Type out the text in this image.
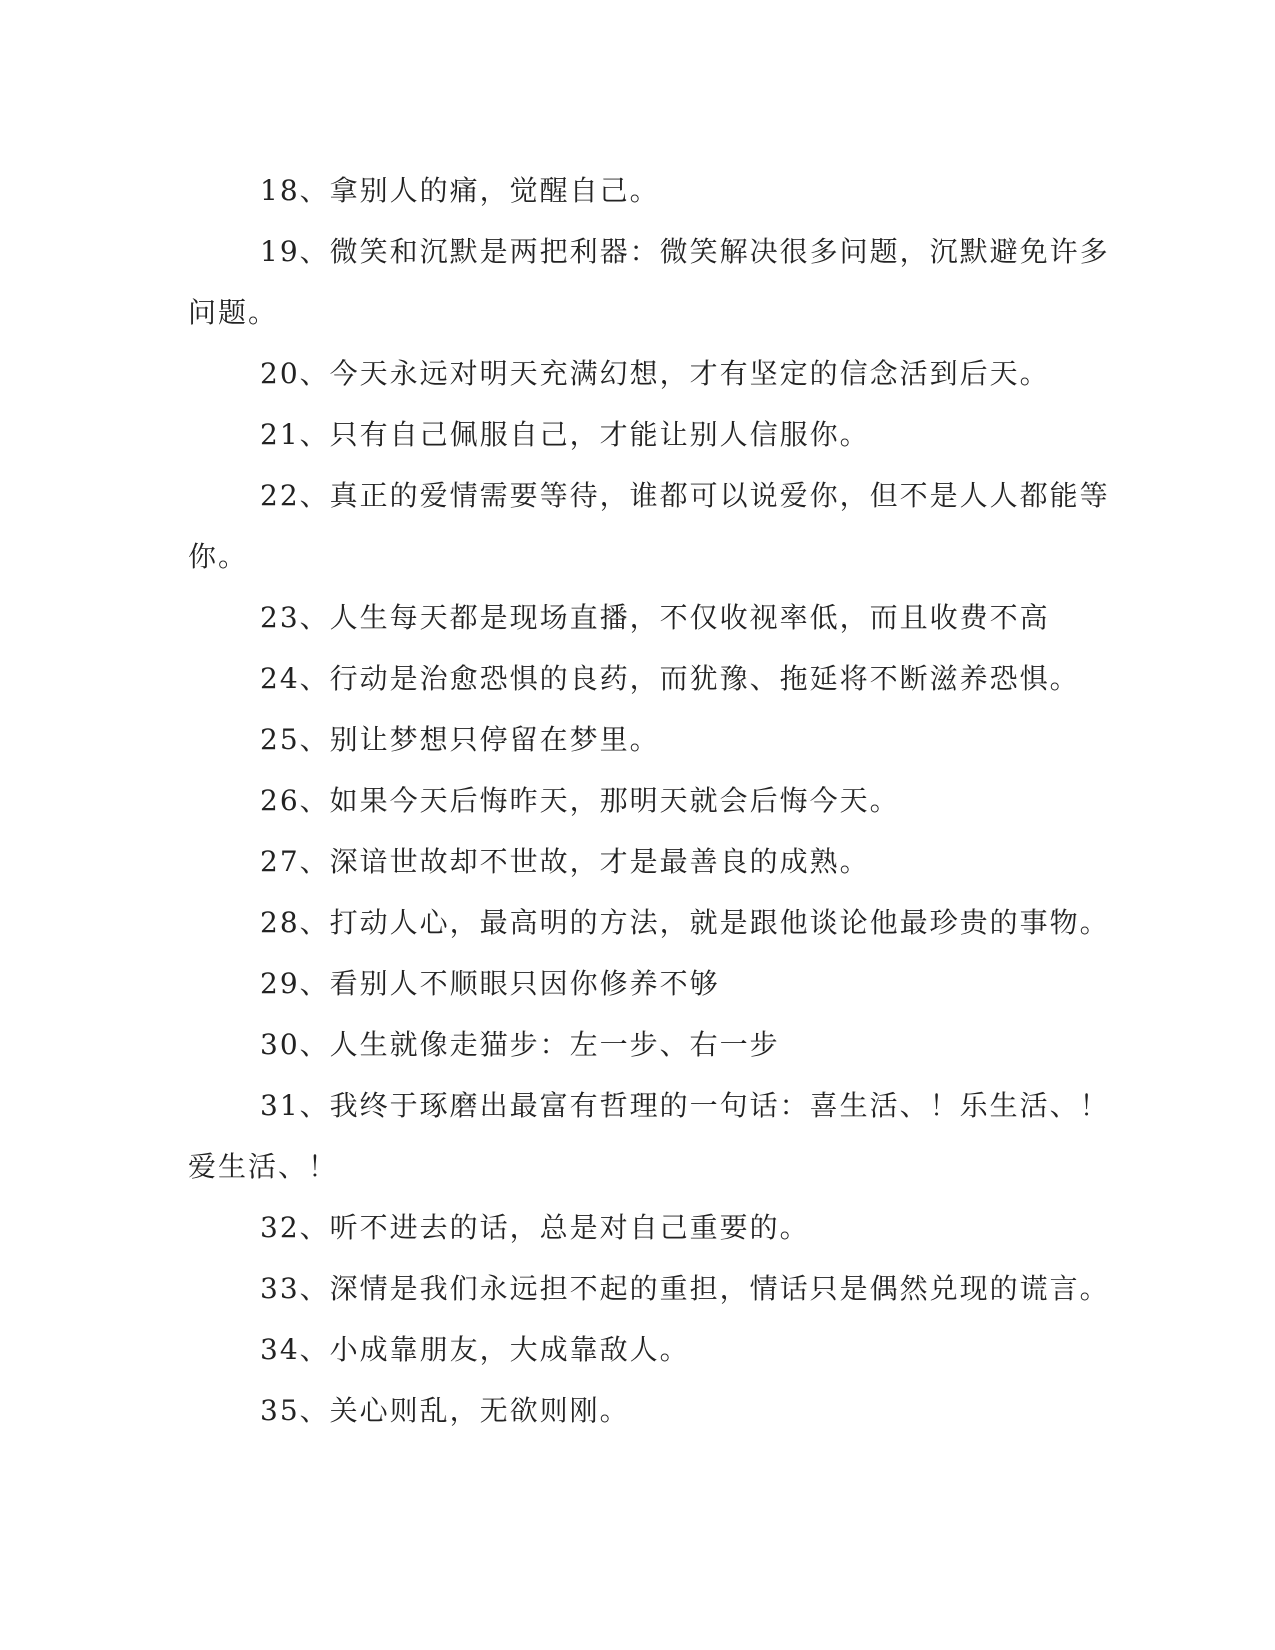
18、拿别人的痛，觉醒自己。

19、微笑和沉默是两把利器：微笑解决很多问题，沉默避免许多
问题。

20、今天永远对明天充满幻想，才有坚定的信念活到后天。

21、只有自己佩服自己，才能让别人信服你。

22、真正的爱情需要等待，谁都可以说爱你，但不是人人都能等
你。

23、人生每天都是现场直播，不仅收视率低，而且收费不高

24、行动是治愈恐惧的良药，而犹豫、拖延将不断滋养恐惧。

25、别让梦想只停留在梦里。

26、如果今天后悔昨天，那明天就会后悔今天。

27、深谙世故却不世故，才是最善良的成熟。

28、打动人心，最高明的方法，就是跟他谈论他最珍贵的事物。

29、看别人不顺眼只因你修养不够

30、人生就像走猫步：左一步、右一步

31、我终于琢磨出最富有哲理的一句话：喜生活、！乐生活、！
爱生活、！

32、听不进去的话，总是对自己重要的。

33、深情是我们永远担不起的重担，情话只是偶然兑现的谎言。

34、小成靠朋友，大成靠敌人。

35、关心则乱，无欲则刚。
